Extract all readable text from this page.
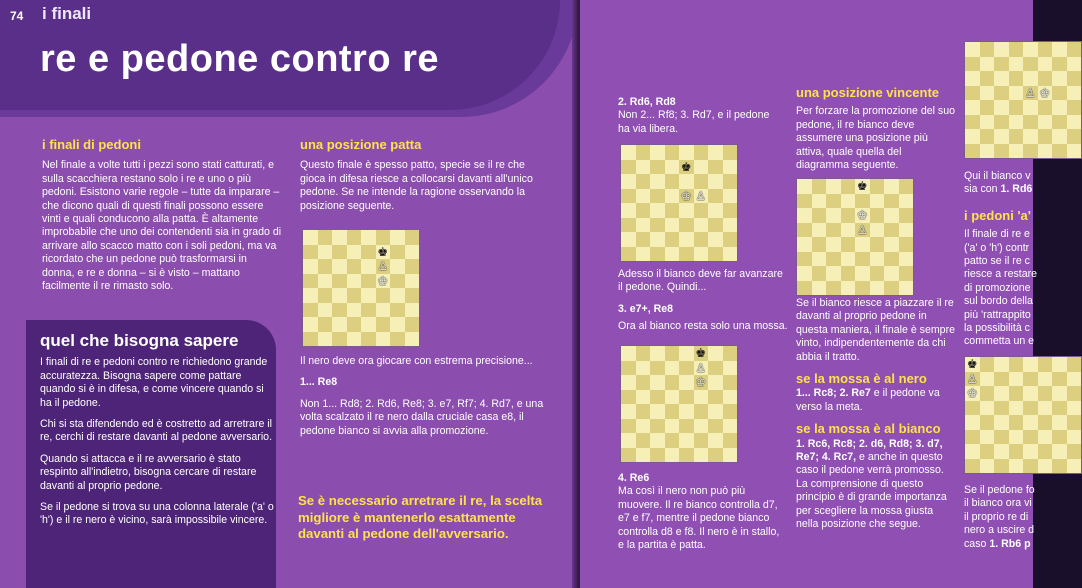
74 i finali
re e pedone contro re
i finali di pedoni

Nel finale a volte tutti i pezzi sono stati catturati, e sulla scacchiera restano solo i re e uno o più pedoni. Esistono varie regole – tutte da imparare – che dicono quali di questi finali possono essere vinti e quali conducono alla patta. È altamente improbabile che uno dei contendenti sia in grado di arrivare allo scacco matto con i soli pedoni, ma va ricordato che un pedone può trasformarsi in donna, e re e donna – si è visto – mattano facilmente il re rimasto solo.

quel che bisogna sapere

I finali di re e pedoni contro re richiedono grande accuratezza. Bisogna sapere come pattare quando si è in difesa, e come vincere quando si ha il pedone.

Chi si sta difendendo ed è costretto ad arretrare il re, cerchi di restare davanti al pedone avversario.

Quando si attacca e il re avversario è stato respinto all'indietro, bisogna cercare di restare davanti al proprio pedone.

Se il pedone si trova su una colonna laterale ('a' o 'h') e il re nero è vicino, sarà impossibile vincere.

una posizione patta

Questo finale è spesso patto, specie se il re che gioca in difesa riesce a collocarsi davanti all'unico pedone. Se ne intende la ragione osservando la posizione seguente.

♚
♙
♔

Il nero deve ora giocare con estrema precisione...

1... Re8

Non 1... Rd8; 2. Rd6, Re8; 3. e7, Rf7; 4. Rd7, e una volta scalzato il re nero dalla cruciale casa e8, il pedone bianco si avvia alla promozione.

Se è necessario arretrare il re, la scelta migliore è mantenerlo esattamente davanti al pedone dell'avversario.
2. Rd6, Rd8

Non 2... Rf8; 3. Rd7, e il pedone ha via libera.

♚
♔ ♙

Adesso il bianco deve far avanzare il pedone. Quindi...

3. e7+, Re8

Ora al bianco resta solo una mossa.

♚
♙
♔
4. Re6

Ma così il nero non può più muovere. Il re bianco controlla d7, e7 e f7, mentre il pedone bianco controlla d8 e f8. Il nero è in stallo, e la partita è patta.

una posizione vincente

Per forzare la promozione del suo pedone, il re bianco deve assumere una posizione più attiva, quale quella del diagramma seguente.

♚
♔
♙

Se il bianco riesce a piazzare il re davanti al proprio pedone in questa maniera, il finale è sempre vinto, indipendentemente da chi abbia il tratto.

se la mossa è al nero

1... Rc8; 2. Re7 e il pedone va verso la meta.

se la mossa è al bianco

1. Rc6, Rc8; 2. d6, Rd8; 3. d7, Re7; 4. Rc7, e anche in questo caso il pedone verrà promosso. La comprensione di questo principio è di grande importanza per scegliere la mossa giusta nella posizione che segue.

♙ ♔
Qui il bianco v
sia con 1. Rd6
i pedoni 'a'
Il finale di re e
('a' o 'h') contr
patto se il re c
riesce a restare
di promozione
sul bordo della
più 'rattrappito
la possibilità c
commetta un e
♚
♙
♔
Se il pedone fo
il bianco ora vi
il proprio re di
nero a uscire d
caso 1. Rb6 p
